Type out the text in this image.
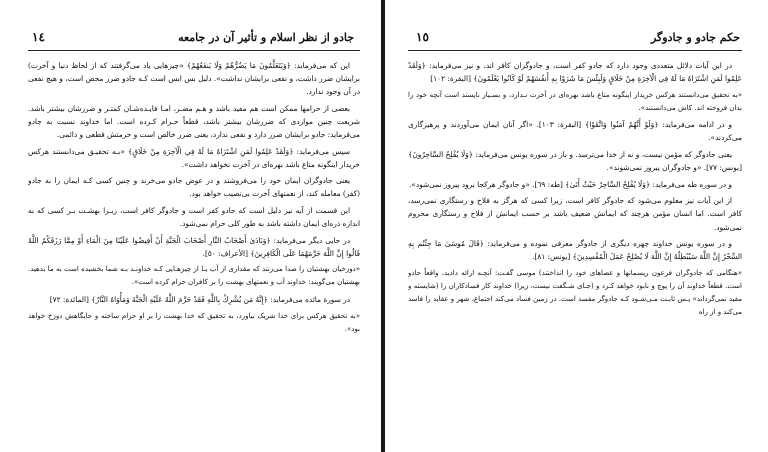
جادو از نظر اسلام و تأثیر آن در جامعه
١٤

این که می‌فرماید: ﴿وَيَتَعَلَّمُونَ مَا يَضُرُّهُمْ وَلَا يَنفَعُهُمْ﴾ «چیزهایی یاد می‌گرفتند که از لحاظ دنیا و آخرت) برایشان ضرر داشت، و نفعی برایشان نداشت». دلیل بس ایس است کـه جادو ضرر محض است، و هیچ نفعی در آن وجود ندارد.

بعضی از حرامها ممکن است هم مفید باشد و هـم مضـر، امـا فایـده‌شـان کمتـر و ضررشان بیشتر باشد. شریعت چنین مواردی که ضررشان بیشتر باشد، قطعاً حـرام کـرده است. اما خداوند نسبت به جادو می‌فرماید: جادو برایشان ضرر دارد و نفعی ندارد، یعنی ضرر خالص است و حرمتش قطعی و دائمی.

سپس می‌فرماید: ﴿وَلَقَدْ عَلِمُوا لَمَنِ اشْتَرَاهُ مَا لَهُ فِي الْآخِرَةِ مِنْ خَلَاقٍ﴾ «بـه تحقیـق می‌دانستند هرکس خریدار اینگونه متاع باشد بهره‌ای در آخرت نخواهد داشت».

یعنی جادوگران ایمان خود را می‌فروشند و در عوض جادو می‌خرند و چنین کسی کـه ایمان را به جادو (کفر) معامله کند، از نعمتهای آخرت بی‌نصیب خواهد بود.

این قسمت از آیه نیز دلیل است که جادو کفر است و جادوگر کافر است، زیـرا بهشـت بـر کسی که به اندازه ذره‌ای ایمان داشته باشد به طور کلی حرام نمی‌شود.

در جایی دیگر می‌فرماید: ﴿وَنَادَىٰ أَصْحَابُ النَّارِ أَصْحَابَ الْجَنَّةِ أَنْ أَفِيضُوا عَلَيْنَا مِنَ الْمَاءِ أَوْ مِمَّا رَزَقَكُمُ اللَّهُ قَالُوا إِنَّ اللَّهَ حَرَّمَهُمَا عَلَى الْكَافِرِينَ﴾ [الأعراف: ٥٠].

«دوزخیان بهشتیان را صدا می‌زنند که مقداری از آب یـا از چیزهـایی کـه خداونـد بـه شما بخشیده است به ما بدهید. بهشتیان می‌گویند: خداوند آب و نعمتهای بهشت را بر کافران حرام کرده است».

در سورة مائده می‌فرماید: ﴿إِنَّهُ مَن يُشْرِكْ بِاللَّهِ فَقَدْ حَرَّمَ اللَّهُ عَلَيْهِ الْجَنَّةَ وَمَأْوَاهُ النَّارُ﴾ [المائدة: ٧٢]

«به تحقیق هرکس برای خدا شریک بیاورد، به تحقیق که خدا بهشت را بر او حرام ساخته و جایگاهش دوزخ خواهد بود».

حکم جادو و جادوگر
١٥

در این آیات دلائل متعددی وجود دارد که جادو کفر است، و جادوگران کافر اند، و نیز می‌فرماید: ﴿وَلَقَدْ عَلِمُوا لَمَنِ اشْتَرَاهُ مَا لَهُ فِي الْآخِرَةِ مِنْ خَلَاقٍ وَلَبِئْسَ مَا شَرَوْا بِهِ أَنفُسَهُمْ لَوْ كَانُوا يَعْلَمُونَ﴾ [البقرة: ١٠٢]

«به تحقیق می‌دانستند هرکس خریدار اینگونه متاع باشد بهره‌ای در آخرت نـدارد، و بسـیار ناپسند است آنچه خود را بدان فروخته اند. کاش می‌دانستند».

و در ادامه می‌فرماید: ﴿وَلَوْ أَنَّهُمْ آمَنُوا وَاتَّقَوْا﴾ [البقرة: ١٠٣]. «اگر آنان ایمان می‌آوردند و پرهیزگاری می‌کردند».

یعنی جادوگر که مؤمن نیست، و نه از خدا می‌ترسد. و باز در سوره یونس می‌فرماید: ﴿وَلَا يُفْلِحُ السَّاحِرُونَ﴾ [یونس: ٧٧]. «و جادوگران پیروز نمی‌شوند».

و در سوره طه می‌فرماید: ﴿وَلَا يُفْلِحُ السَّاحِرُ حَيْثُ أَتَىٰ﴾ [طه: ٦٩]. «و جادوگر هرکجا برود پیروز نمی‌شود».

از این آیات نیز معلوم می‌شود که جادوگر کافر است، زیرا کسی که هرگز به فلاح و رستگاری نمی‌رسد، کافر است. اما انسان مؤمن هرچند که ایمانش ضعیف باشد بر حسب ایمانش از فلاح و رستگاری محروم نمی‌شود.

و در سوره یونس خداوند چهره دیگری از جادوگر معرفی نموده و می‌فرماید: ﴿قَالَ مُوسَىٰ مَا جِئْتُم بِهِ السِّحْرُ إِنَّ اللَّهَ سَيُبْطِلُهُ إِنَّ اللَّهَ لَا يُصْلِحُ عَمَلَ الْمُفْسِدِينَ﴾ [یونس: ٨١].

«هنگامی که جادوگران فرعون ریسمانها و عصاهای خود را انداختند) موسی گفـت: آنچـه ارائه دادید، واقعاً جادو است. قطعاً خداوند آن را پوچ و نابود خواهد کـرد و (جـای شـگفت نیست، زیرا) خداوند کار فسادکاران را (شایسته و مفید نمی‌گرداند» پـس ثابـت مـی‌شـود کـه جادوگر مفسد است. در زمین فساد می‌کند اجتماع، شهر و عقاید را فاسد می‌کند و از راه
